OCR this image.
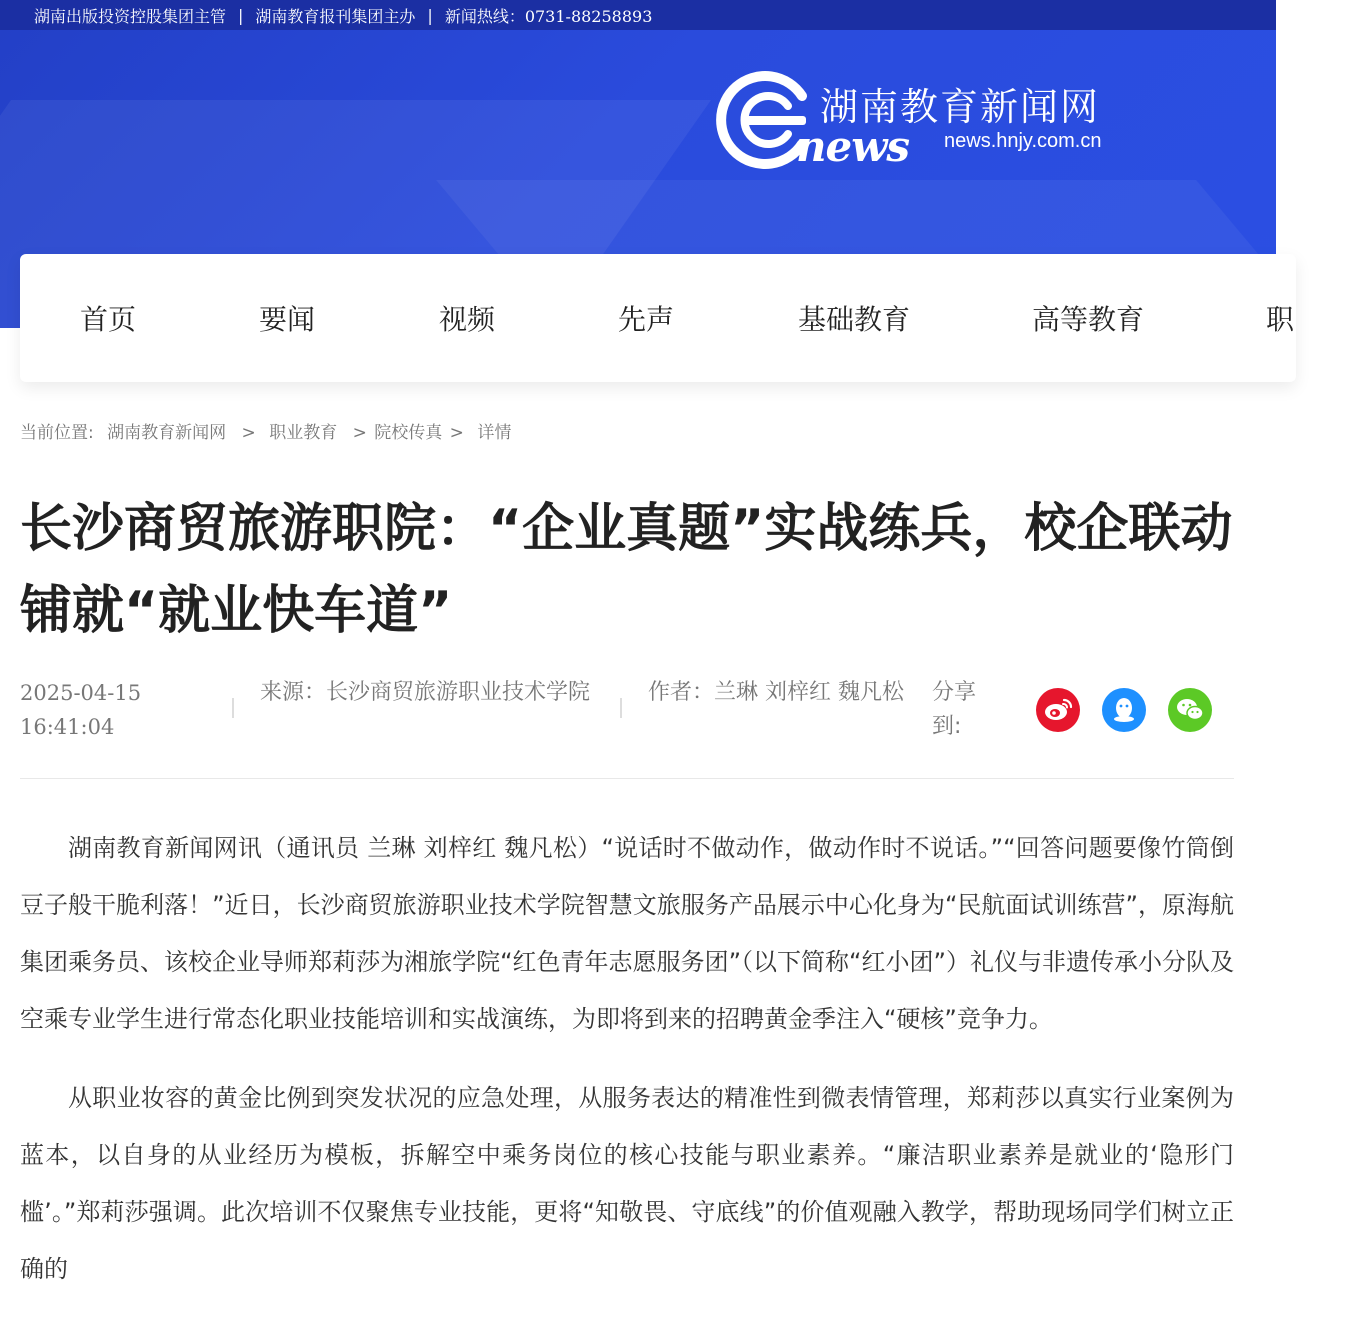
湖南出版投资控股集团主管 | 湖南教育报刊集团主办 | 新闻热线：0731-88258893
湖南教育新闻网
news news.hnjy.com.cn
首页	要闻	视频	先声	基础教育	高等教育	职
当前位置: 湖南教育新闻网 > 职业教育 > 院校传真 > 详情
长沙商贸旅游职院：“企业真题”实战练兵，校企联动铺就“就业快车道”
2025-04-15 16:41:04
来源：长沙商贸旅游职业技术学院	作者：兰琳 刘梓红 魏凡松	分享到:

湖南教育新闻网讯（通讯员 兰琳 刘梓红 魏凡松）“说话时不做动作，做动作时不说话。”“回答问题要像竹筒倒豆子般干脆利落！”近日，长沙商贸旅游职业技术学院智慧文旅服务产品展示中心化身为“民航面试训练营”，原海航集团乘务员、该校企业导师郑莉莎为湘旅学院“红色青年志愿服务团”（以下简称“红小团”）礼仪与非遗传承小分队及空乘专业学生进行常态化职业技能培训和实战演练，为即将到来的招聘黄金季注入“硬核”竞争力。

从职业妆容的黄金比例到突发状况的应急处理，从服务表达的精准性到微表情管理，郑莉莎以真实行业案例为蓝本，以自身的从业经历为模板，拆解空中乘务岗位的核心技能与职业素养。“廉洁职业素养是就业的‘隐形门槛’。”郑莉莎强调。此次培训不仅聚焦专业技能，更将“知敬畏、守底线”的价值观融入教学，帮助现场同学们树立正确的
